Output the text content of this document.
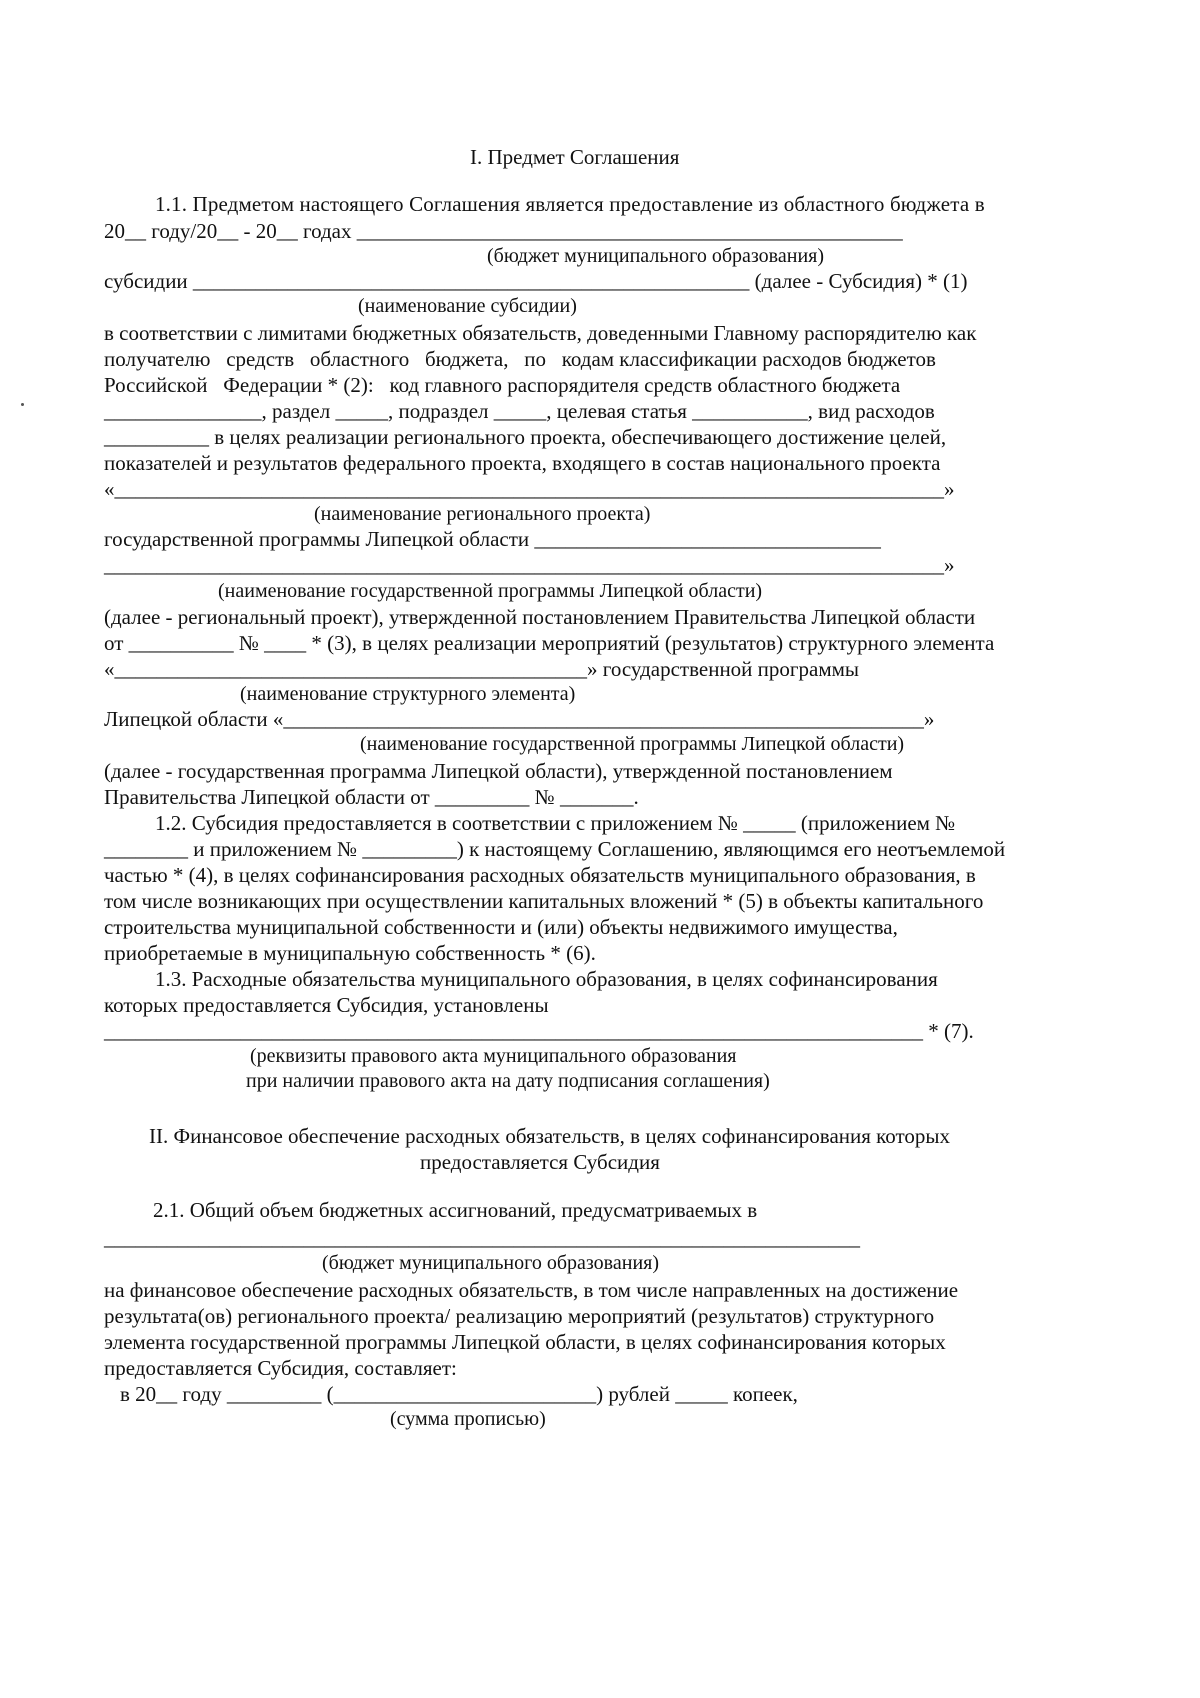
I. Предмет Соглашения
1.1. Предметом настоящего Соглашения является предоставление из областного бюджета в
20__ году/20__ - 20__ годах ____________________________________________________
(бюджет муниципального образования)
субсидии _____________________________________________________ (далее - Субсидия) * (1)
(наименование субсидии)
в соответствии с лимитами бюджетных обязательств, доведенными Главному распорядителю как
получателю   средств   областного   бюджета,   по   кодам классификации расходов бюджетов
Российской   Федерации * (2):   код главного распорядителя средств областного бюджета
_______________, раздел _____, подраздел _____, целевая статья ___________, вид расходов
__________ в целях реализации регионального проекта, обеспечивающего достижение целей,
показателей и результатов федерального проекта, входящего в состав национального проекта
«_______________________________________________________________________________»
(наименование регионального проекта)
государственной программы Липецкой области _________________________________
________________________________________________________________________________»
(наименование государственной программы Липецкой области)
(далее - региональный проект), утвержденной постановлением Правительства Липецкой области
от __________ № ____ * (3), в целях реализации мероприятий (результатов) структурного элемента
«_____________________________________________» государственной программы
(наименование структурного элемента)
Липецкой области «_____________________________________________________________»
(наименование государственной программы Липецкой области)
(далее - государственная программа Липецкой области), утвержденной постановлением
Правительства Липецкой области от _________ № _______.
1.2. Субсидия предоставляется в соответствии с приложением № _____ (приложением №
________ и приложением № _________) к настоящему Соглашению, являющимся его неотъемлемой
частью * (4), в целях софинансирования расходных обязательств муниципального образования, в
том числе возникающих при осуществлении капитальных вложений * (5) в объекты капитального
строительства муниципальной собственности и (или) объекты недвижимого имущества,
приобретаемые в муниципальную собственность * (6).
1.3. Расходные обязательства муниципального образования, в целях софинансирования
которых предоставляется Субсидия, установлены
______________________________________________________________________________ * (7).
(реквизиты правового акта муниципального образования
при наличии правового акта на дату подписания соглашения)
II. Финансовое обеспечение расходных обязательств, в целях софинансирования которых
предоставляется Субсидия
2.1. Общий объем бюджетных ассигнований, предусматриваемых в
________________________________________________________________________
(бюджет муниципального образования)
на финансовое обеспечение расходных обязательств, в том числе направленных на достижение
результата(ов) регионального проекта/ реализацию мероприятий (результатов) структурного
элемента государственной программы Липецкой области, в целях софинансирования которых
предоставляется Субсидия, составляет:
в 20__ году _________ (_________________________) рублей _____ копеек,
(сумма прописью)
